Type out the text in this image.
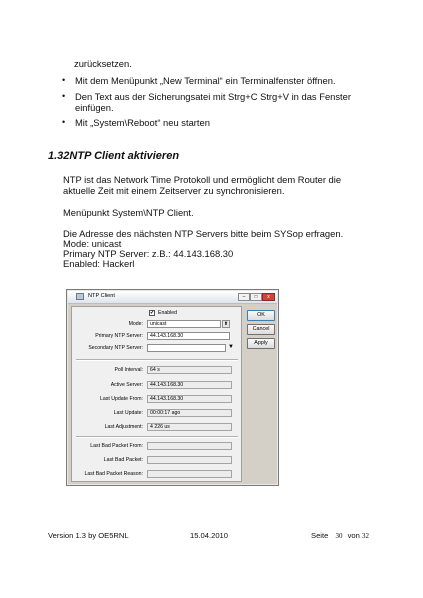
zurücksetzen.
• Mit dem Menüpunkt „New Terminal“ ein Terminalfenster öffnen.
• Den Text aus der Sicherungsatei mit Strg+C Strg+V in das Fenster
einfügen.
• Mit „System\Reboot“ neu starten
1.32NTP Client aktivieren
NTP ist das Network Time Protokoll und ermöglicht dem Router die
aktuelle Zeit mit einem Zeitserver zu synchronisieren.
Menüpunkt System\NTP Client.
Die Adresse des nächsten NTP Servers bitte beim SYSop erfragen.
Mode: unicast
Primary NTP Server: z.B.: 44.143.168.30
Enabled: Hackerl
NTP Client	–	□	x
✔ Enabled
Mode:	unicast	⬍
Primary NTP Server:	44.143.168.30
Secondary NTP Server:	▼
Poll Interval:	64 s
Active Server:	44.143.168.30
Last Update From:	44.143.168.30
Last Update:	00:00:17 ago
Last Adjustment:	4 226 us
Last Bad Packet From:
Last Bad Packet:
Last Bad Packet Reason:
OK
Cancel
Apply
Version 1.3 by OE5RNL	15.04.2010	Seite 30 von 32
